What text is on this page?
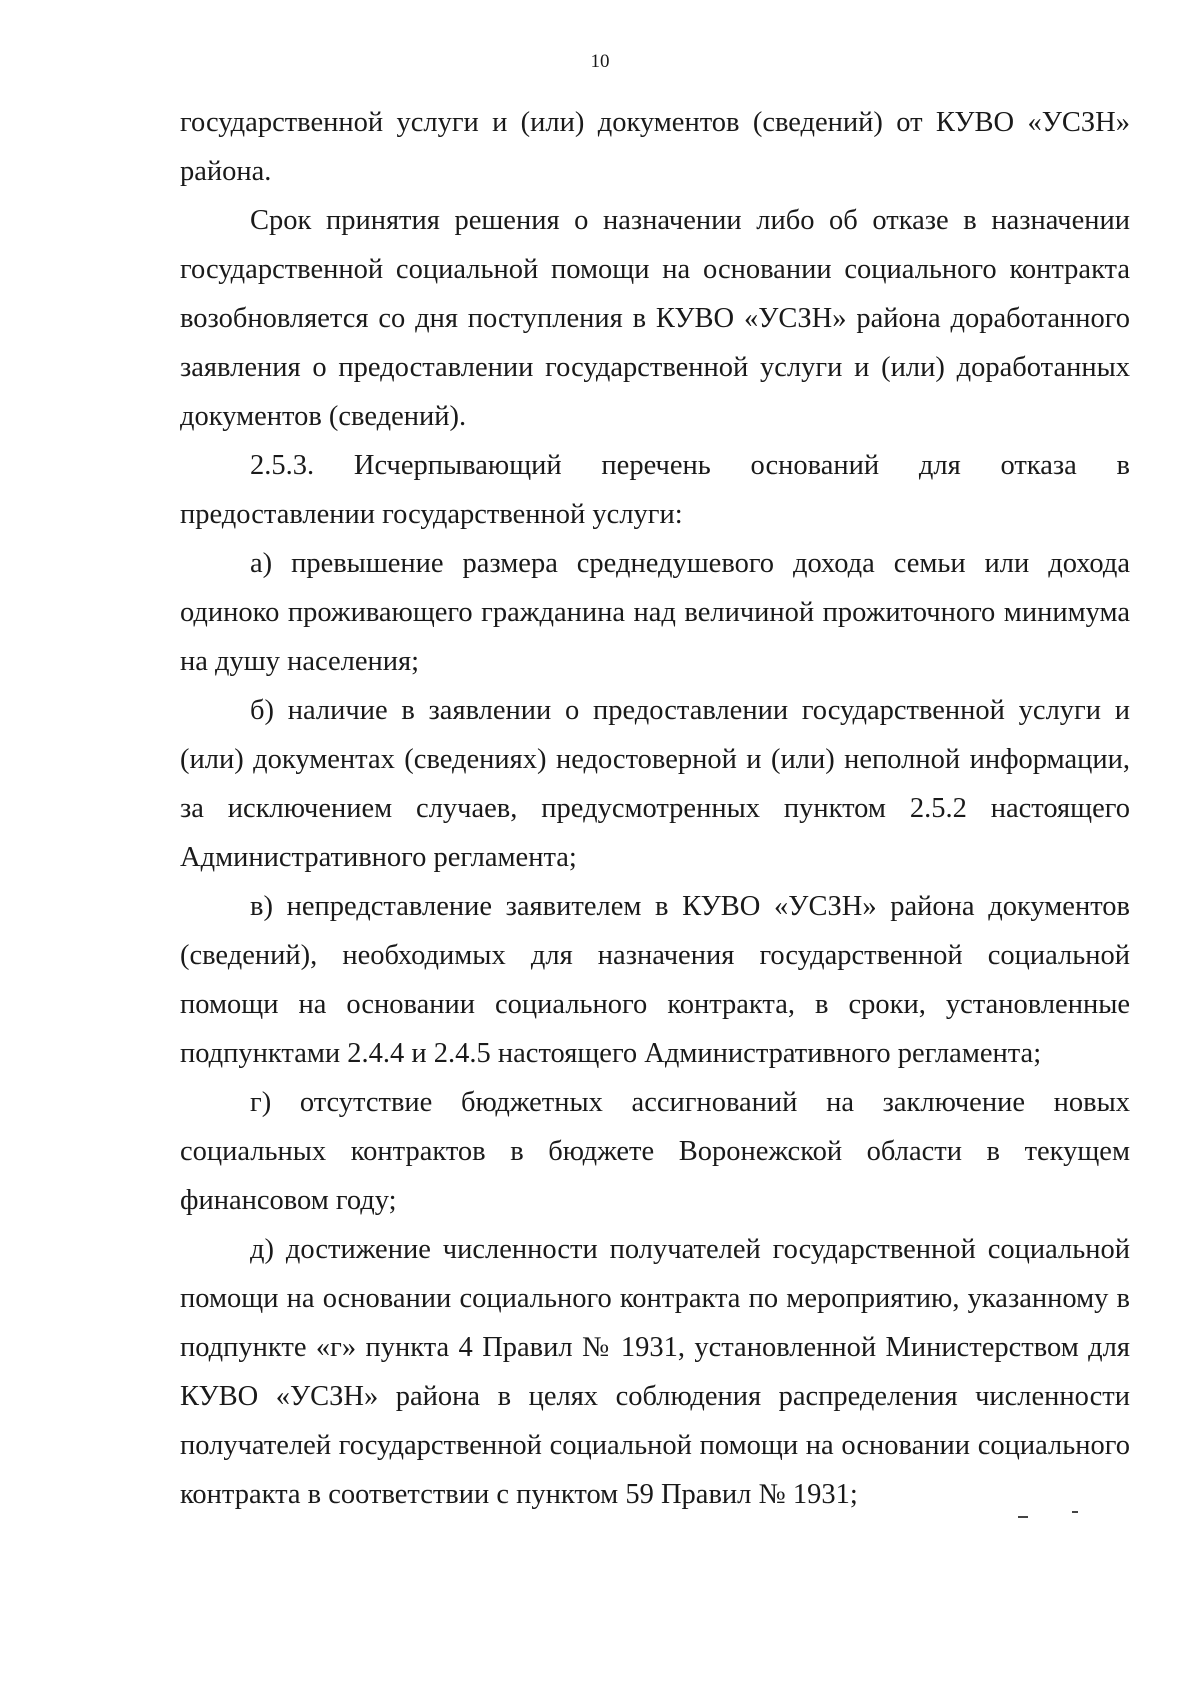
10

государственной услуги и (или) документов (сведений) от КУВО «УСЗН» района.

Срок принятия решения о назначении либо об отказе в назначении государственной социальной помощи на основании социального контракта возобновляется со дня поступления в КУВО «УСЗН» района доработанного заявления о предоставлении государственной услуги и (или) доработанных документов (сведений).

2.5.3. Исчерпывающий перечень оснований для отказа в

предоставлении государственной услуги:

а) превышение размера среднедушевого дохода семьи или дохода одиноко проживающего гражданина над величиной прожиточного минимума на душу населения;

б) наличие в заявлении о предоставлении государственной услуги и (или) документах (сведениях) недостоверной и (или) неполной информации, за исключением случаев, предусмотренных пунктом 2.5.2 настоящего Административного регламента;

в) непредставление заявителем в КУВО «УСЗН» района документов (сведений), необходимых для назначения государственной социальной помощи на основании социального контракта, в сроки, установленные подпунктами 2.4.4 и 2.4.5 настоящего Административного регламента;

г) отсутствие бюджетных ассигнований на заключение новых социальных контрактов в бюджете Воронежской области в текущем финансовом году;

д) достижение численности получателей государственной социальной помощи на основании социального контракта по мероприятию, указанному в подпункте «г» пункта 4 Правил № 1931, установленной Министерством для КУВО «УСЗН» района в целях соблюдения распределения численности получателей государственной социальной помощи на основании социального контракта в соответствии с пунктом 59 Правил № 1931;
